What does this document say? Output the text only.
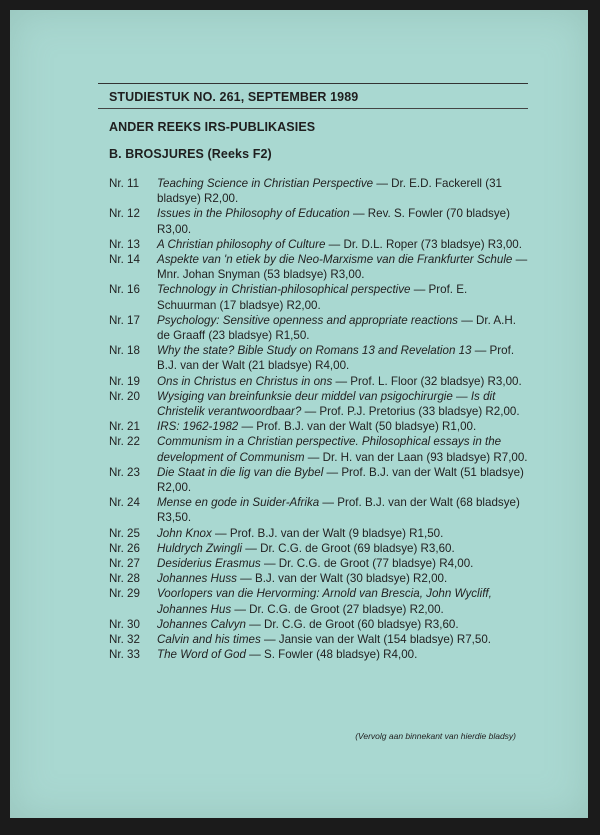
STUDIESTUK NO. 261, SEPTEMBER 1989
ANDER REEKS IRS-PUBLIKASIES
B. BROSJURES (Reeks F2)
Nr. 11	Teaching Science in Christian Perspective — Dr. E.D. Fackerell (31 bladsye) R2,00.
Nr. 12	Issues in the Philosophy of Education — Rev. S. Fowler (70 bladsye) R3,00.
Nr. 13	A Christian philosophy of Culture — Dr. D.L. Roper (73 bladsye) R3,00.
Nr. 14	Aspekte van 'n etiek by die Neo-Marxisme van die Frankfurter Schule — Mnr. Johan Snyman (53 bladsye) R3,00.
Nr. 16	Technology in Christian-philosophical perspective — Prof. E. Schuurman (17 bladsye) R2,00.
Nr. 17	Psychology: Sensitive openness and appropriate reactions — Dr. A.H. de Graaff (23 bladsye) R1,50.
Nr. 18	Why the state? Bible Study on Romans 13 and Revelation 13 — Prof. B.J. van der Walt (21 bladsye) R4,00.
Nr. 19	Ons in Christus en Christus in ons — Prof. L. Floor (32 bladsye) R3,00.
Nr. 20	Wysiging van breinfunksie deur middel van psigochirurgie — Is dit Christelik verantwoordbaar? — Prof. P.J. Pretorius (33 bladsye) R2,00.
Nr. 21	IRS: 1962-1982 — Prof. B.J. van der Walt (50 bladsye) R1,00.
Nr. 22	Communism in a Christian perspective. Philosophical essays in the development of Communism — Dr. H. van der Laan (93 bladsye) R7,00.
Nr. 23	Die Staat in die lig van die Bybel — Prof. B.J. van der Walt (51 bladsye) R2,00.
Nr. 24	Mense en gode in Suider-Afrika — Prof. B.J. van der Walt (68 bladsye) R3,50.
Nr. 25	John Knox — Prof. B.J. van der Walt (9 bladsye) R1,50.
Nr. 26	Huldrych Zwingli — Dr. C.G. de Groot (69 bladsye) R3,60.
Nr. 27	Desiderius Erasmus — Dr. C.G. de Groot (77 bladsye) R4,00.
Nr. 28	Johannes Huss — B.J. van der Walt (30 bladsye) R2,00.
Nr. 29	Voorlopers van die Hervorming: Arnold van Brescia, John Wycliff, Johannes Hus — Dr. C.G. de Groot (27 bladsye) R2,00.
Nr. 30	Johannes Calvyn — Dr. C.G. de Groot (60 bladsye) R3,60.
Nr. 32	Calvin and his times — Jansie van der Walt (154 bladsye) R7,50.
Nr. 33	The Word of God — S. Fowler (48 bladsye) R4,00.
(Vervolg aan binnekant van hierdie bladsy)
